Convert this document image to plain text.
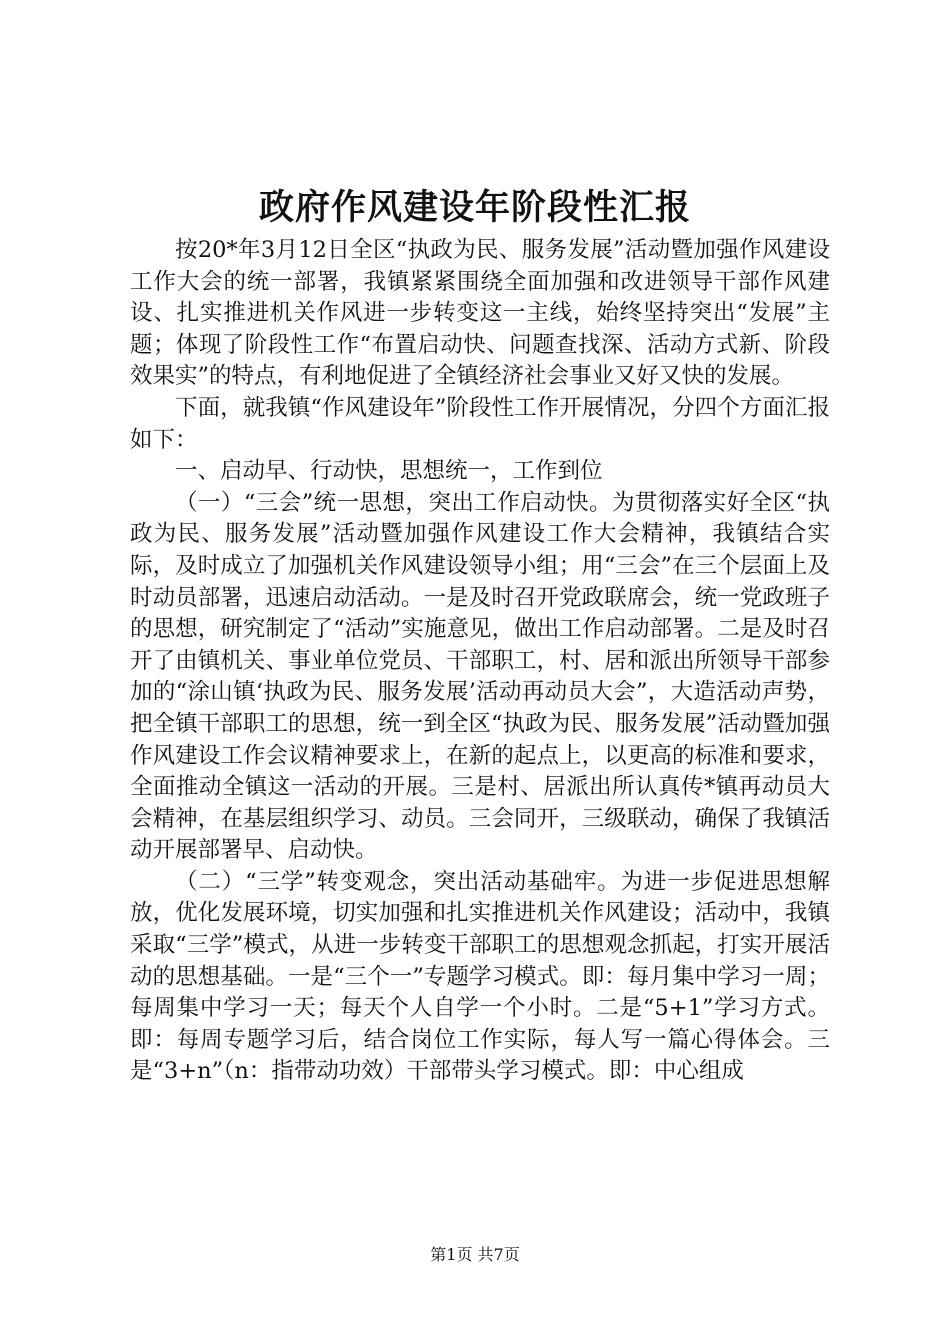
政府作风建设年阶段性汇报

按20*年3月12日全区“执政为民、服务发展”活动暨加强作风建设工作大会的统一部署，我镇紧紧围绕全面加强和改进领导干部作风建设、扎实推进机关作风进一步转变这一主线，始终坚持突出“发展”主题；体现了阶段性工作“布置启动快、问题查找深、活动方式新、阶段效果实”的特点，有利地促进了全镇经济社会事业又好又快的发展。

下面，就我镇“作风建设年”阶段性工作开展情况，分四个方面汇报如下：

一、启动早、行动快，思想统一，工作到位

（一）“三会”统一思想，突出工作启动快。为贯彻落实好全区“执政为民、服务发展”活动暨加强作风建设工作大会精神，我镇结合实际，及时成立了加强机关作风建设领导小组；用“三会”在三个层面上及时动员部署，迅速启动活动。一是及时召开党政联席会，统一党政班子的思想，研究制定了“活动”实施意见，做出工作启动部署。二是及时召开了由镇机关、事业单位党员、干部职工，村、居和派出所领导干部参加的“涂山镇‘执政为民、服务发展’活动再动员大会”，大造活动声势，把全镇干部职工的思想，统一到全区“执政为民、服务发展”活动暨加强作风建设工作会议精神要求上，在新的起点上，以更高的标准和要求，全面推动全镇这一活动的开展。三是村、居派出所认真传*镇再动员大会精神，在基层组织学习、动员。三会同开，三级联动，确保了我镇活动开展部署早、启动快。

（二）“三学”转变观念，突出活动基础牢。为进一步促进思想解放，优化发展环境，切实加强和扎实推进机关作风建设；活动中，我镇采取“三学”模式，从进一步转变干部职工的思想观念抓起，打实开展活动的思想基础。一是“三个一”专题学习模式。即：每月集中学习一周；每周集中学习一天；每天个人自学一个小时。二是“5+1”学习方式。即：每周专题学习后，结合岗位工作实际，每人写一篇心得体会。三是“3+n”（n：指带动功效）干部带头学习模式。即：中心组成

第1页 共7页
